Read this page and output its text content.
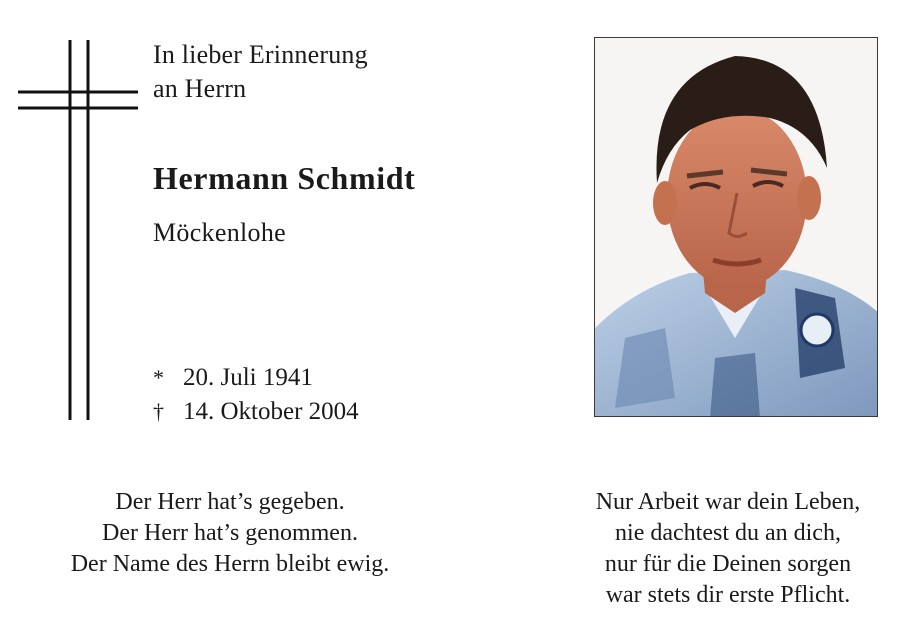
In lieber Erinnerung
an Herrn
Hermann Schmidt
Möckenlohe
* 20. Juli 1941
† 14. Oktober 2004
Der Herr hat’s gegeben.
Der Herr hat’s genommen.
Der Name des Herrn bleibt ewig.
Nur Arbeit war dein Leben,
nie dachtest du an dich,
nur für die Deinen sorgen
war stets dir erste Pflicht.
